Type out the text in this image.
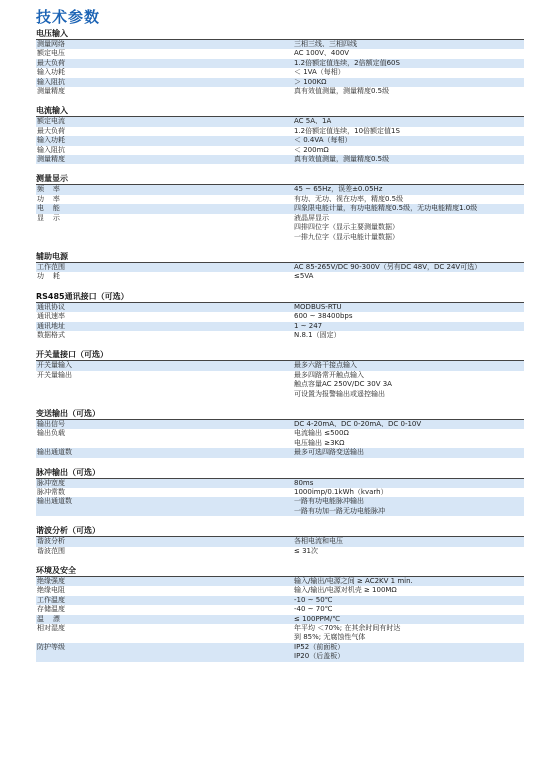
技术参数
电压输入
测量网络	三相三线、三相四线
额定电压	AC 100V、400V
最大负荷	1.2倍额定值连续，2倍额定值60S
输入功耗	＜ 1VA（每相）
输入阻抗	＞ 100KΩ
测量精度	真有效值测量，测量精度0.5级
电流输入
额定电流	AC 5A、1A
最大负荷	1.2倍额定值连续，10倍额定值1S
输入功耗	＜ 0.4VA（每相）
输入阻抗	＜ 200mΩ
测量精度	真有效值测量，测量精度0.5级
测量显示
频    率	45 ~ 65Hz，误差±0.05Hz
功    率	有功、无功、视在功率，精度0.5级
电    能	四象限电能计量，有功电能精度0.5级，无功电能精度1.0级
显    示	液晶屏显示
四排四位字（显示主要测量数据）
一排九位字（显示电能计量数据）
辅助电源
工作范围	AC 85-265V/DC 90-300V（另有DC 48V，DC 24V可选）
功    耗	≤5VA
RS485通讯接口（可选）
通讯协议	MODBUS-RTU
通讯速率	600 ~ 38400bps
通讯地址	1 ~ 247
数据格式	N.8.1（固定）
开关量接口（可选）
开关量输入	最多六路干接点输入
开关量输出	最多四路常开触点输入
触点容量AC 250V/DC 30V 3A
可设置为报警输出或遥控输出
变送输出（可选）
输出信号	DC 4-20mA、DC 0-20mA、DC 0-10V
输出负载	电流输出 ≤500Ω
电压输出 ≥3KΩ
输出通道数	最多可选四路变送输出
脉冲输出（可选）
脉冲宽度	80ms
脉冲常数	1000imp/0.1kWh（kvarh）
输出通道数	一路有功电能脉冲输出
一路有功加一路无功电能脉冲
谐波分析（可选）
谐波分析	各相电流和电压
谐波范围	≤ 31次
环境及安全
绝缘强度	输入/输出/电源之间 ≥ AC2KV 1 min.
绝缘电阻	输入/输出/电源对机壳 ≥ 100MΩ
工作温度	-10 ~ 50℃
存储温度	-40 ~ 70℃
温    漂	≤ 100PPM/℃
相对湿度	年平均 ＜70%; 在其余时间有时达
到 85%; 无腐蚀性气体
防护等级	IP52（前面板）
IP20（后盖板）
